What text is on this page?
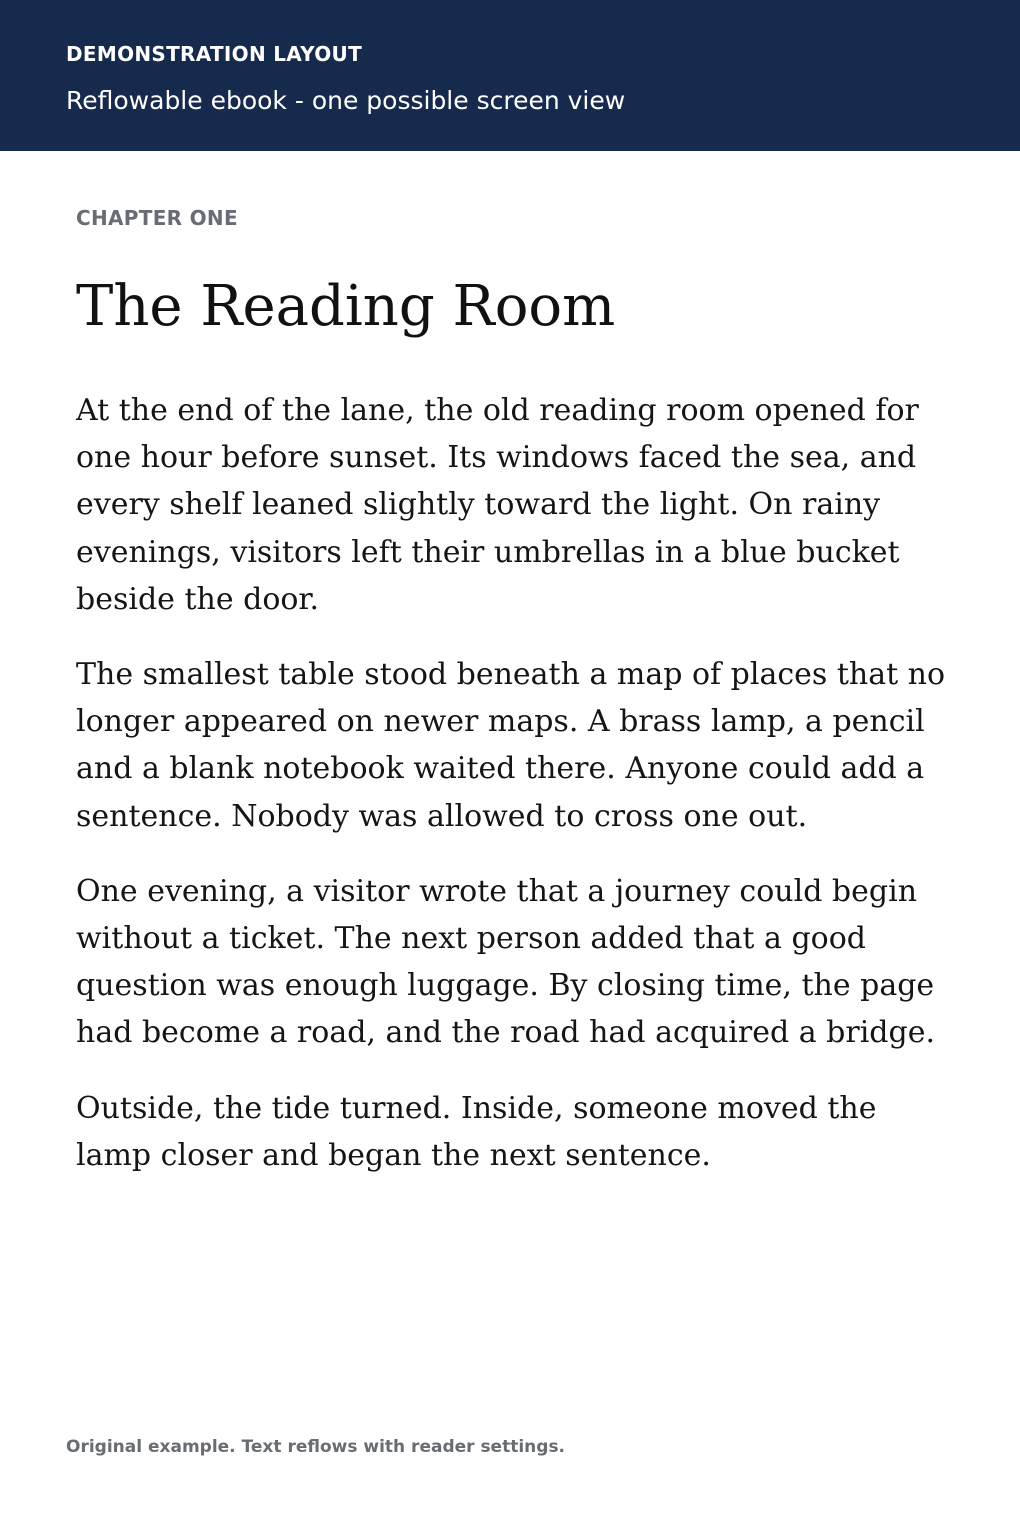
DEMONSTRATION LAYOUT
Reflowable ebook - one possible screen view

CHAPTER ONE

The Reading Room

At the end of the lane, the old reading room opened for one hour before sunset. Its windows faced the sea, and every shelf leaned slightly toward the light. On rainy evenings, visitors left their umbrellas in a blue bucket beside the door.

The smallest table stood beneath a map of places that no longer appeared on newer maps. A brass lamp, a pencil and a blank notebook waited there. Anyone could add a sentence. Nobody was allowed to cross one out.

One evening, a visitor wrote that a journey could begin without a ticket. The next person added that a good question was enough luggage. By closing time, the page had become a road, and the road had acquired a bridge.

Outside, the tide turned. Inside, someone moved the lamp closer and began the next sentence.

Original example. Text reflows with reader settings.
